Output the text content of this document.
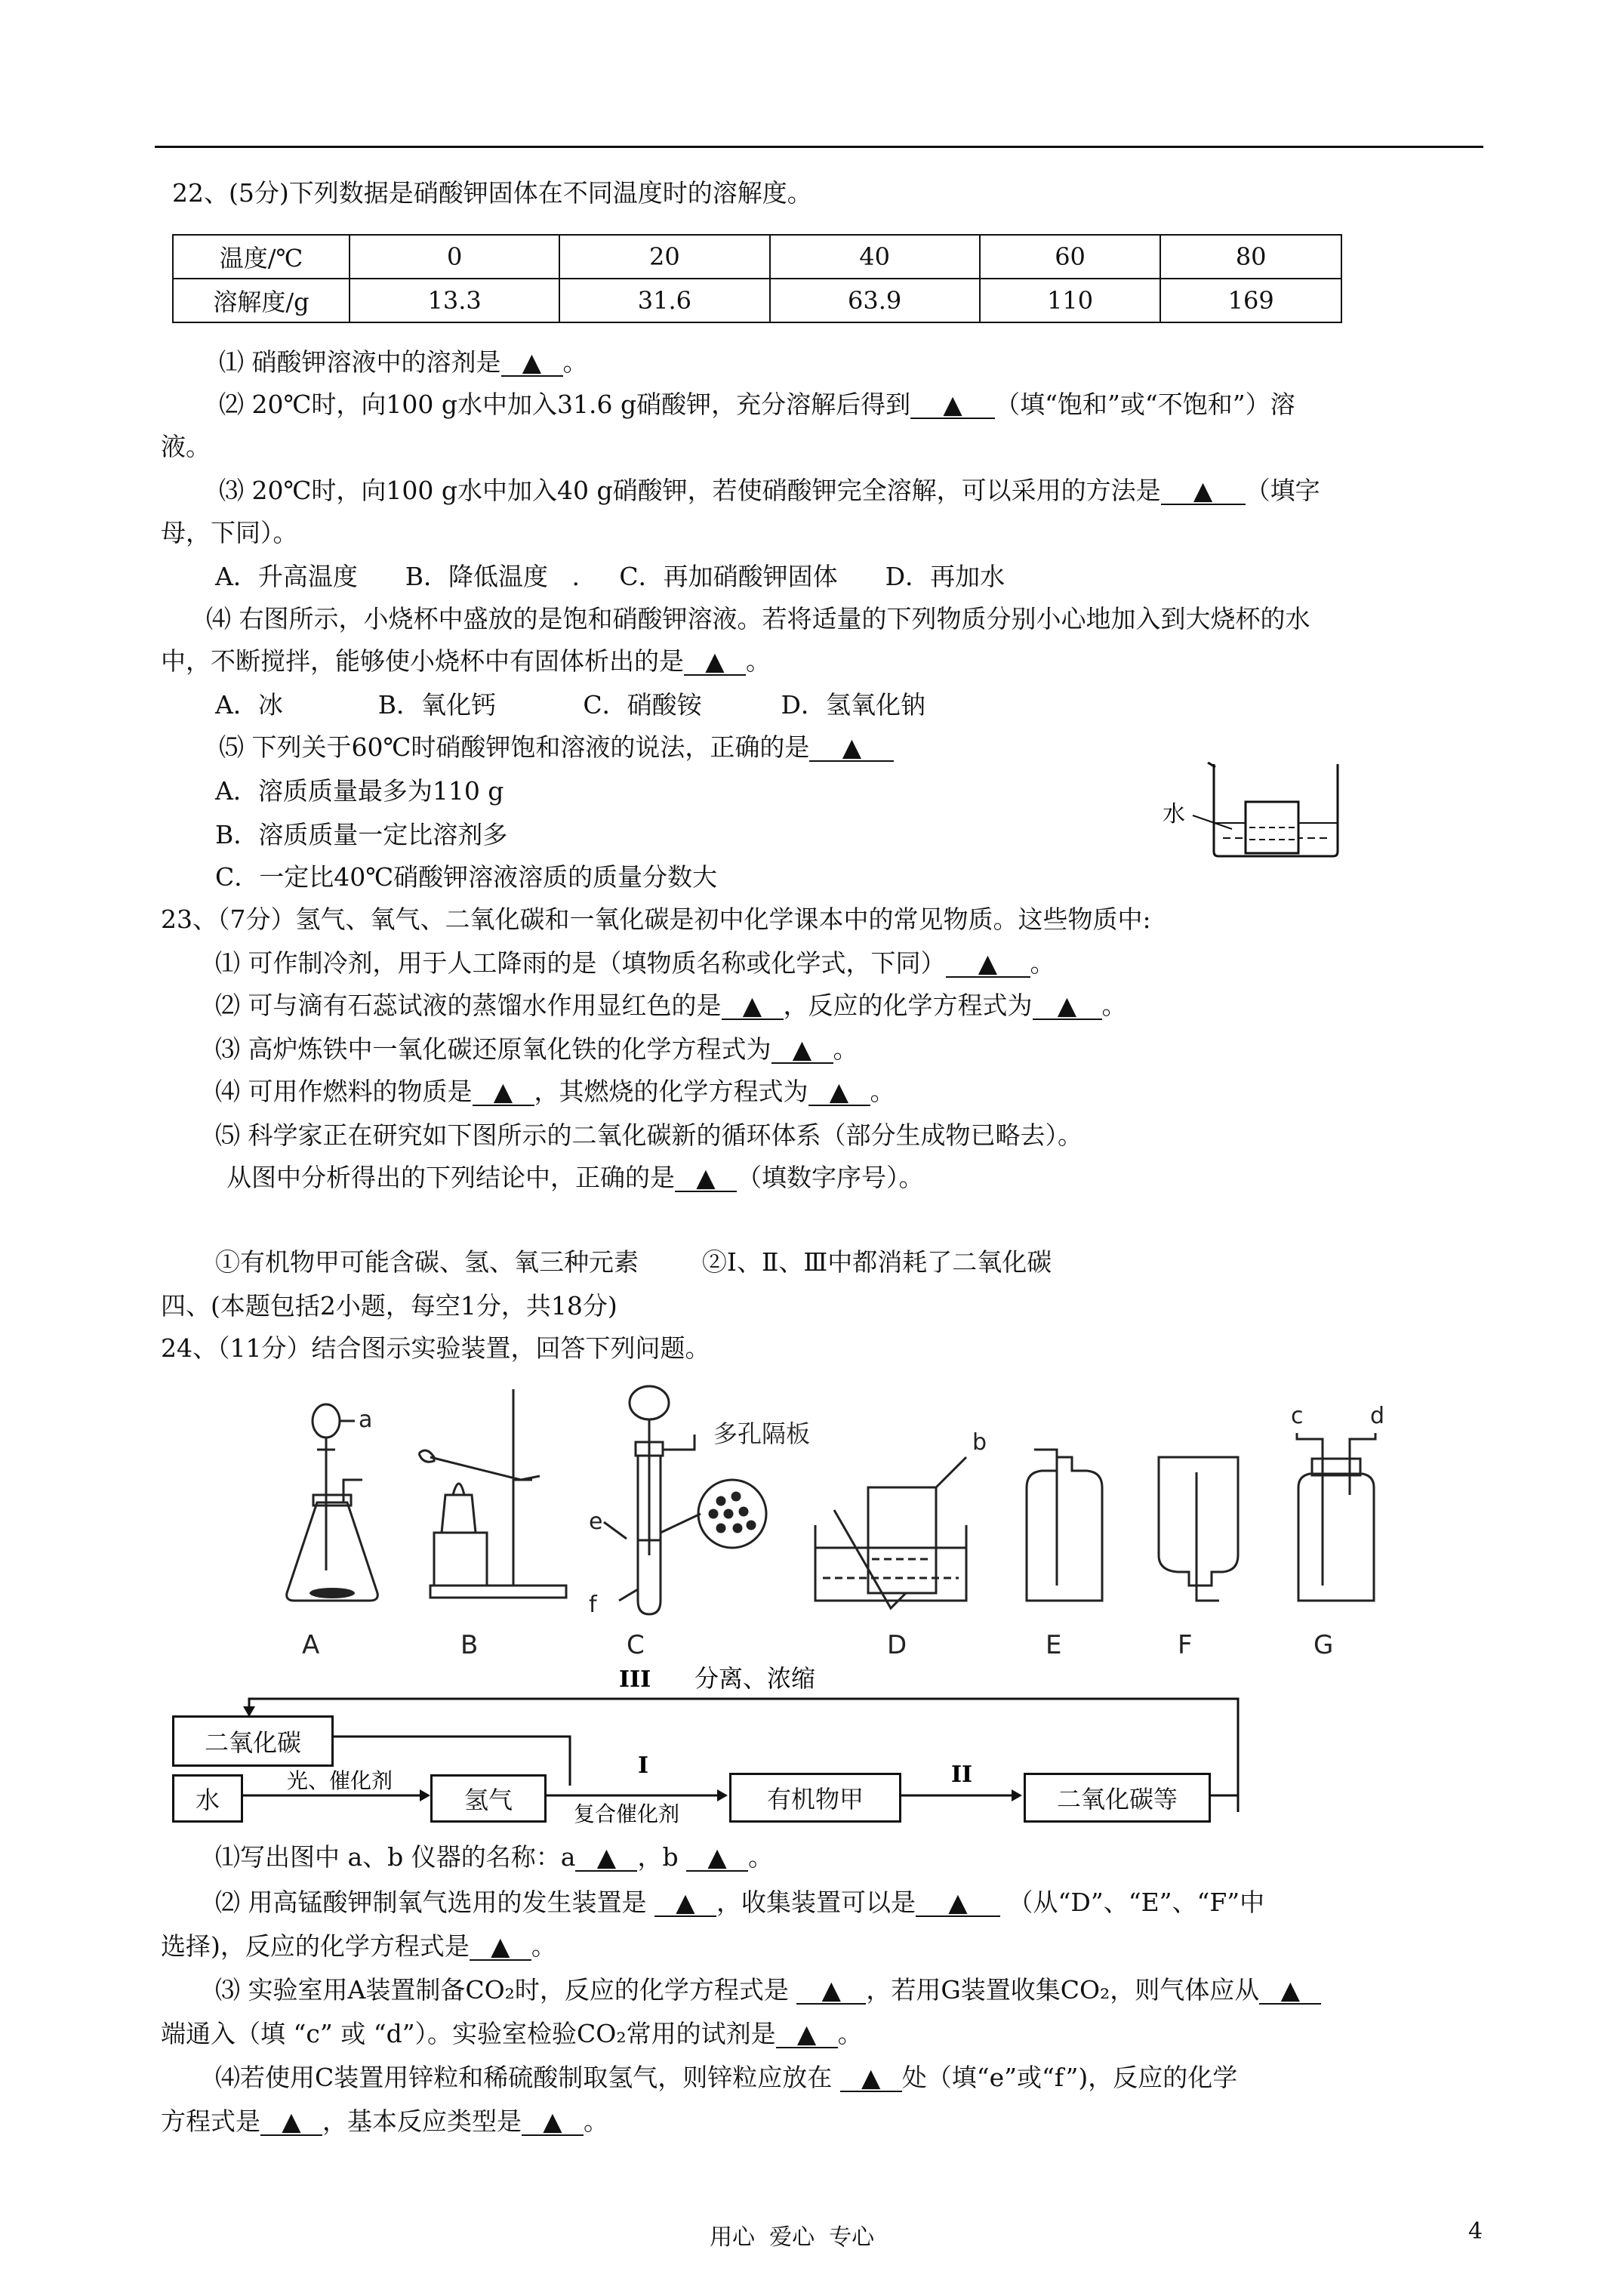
22、(5分)下列数据是硝酸钾固体在不同温度时的溶解度。
温度/℃	0	20	40	60	80
溶解度/g	13.3	31.6	63.9	110	169
⑴ 硝酸钾溶液中的溶剂是 ▲ 。
⑵ 20℃时，向100 g水中加入31.6 g硝酸钾，充分溶解后得到 ▲ （填“饱和”或“不饱和”）溶
液。
⑶ 20℃时，向100 g水中加入40 g硝酸钾，若使硝酸钾完全溶解，可以采用的方法是 ▲ （填字
母，下同）。
A．升高温度      B．降低温度   .     C．再加硝酸钾固体      D．再加水
⑷ 右图所示，小烧杯中盛放的是饱和硝酸钾溶液。若将适量的下列物质分别小心地加入到大烧杯的水
中，不断搅拌，能够使小烧杯中有固体析出的是 ▲ 。
A．冰            B．氧化钙           C．硝酸铵          D．氢氧化钠
⑸ 下列关于60℃时硝酸钾饱和溶液的说法，正确的是 ▲
A．溶质质量最多为110 g
B．溶质质量一定比溶剂多
C．一定比40℃硝酸钾溶液溶质的质量分数大
水
23、（7分）氢气、氧气、二氧化碳和一氧化碳是初中化学课本中的常见物质。这些物质中:
⑴ 可作制冷剂，用于人工降雨的是（填物质名称或化学式，下同） ▲ 。
⑵ 可与滴有石蕊试液的蒸馏水作用显红色的是 ▲ ，反应的化学方程式为 ▲ 。
⑶ 高炉炼铁中一氧化碳还原氧化铁的化学方程式为 ▲ 。
⑷ 可用作燃料的物质是 ▲ ，其燃烧的化学方程式为 ▲ 。
⑸ 科学家正在研究如下图所示的二氧化碳新的循环体系（部分生成物已略去）。
从图中分析得出的下列结论中，正确的是 ▲ （填数字序号）。
①有机物甲可能含碳、氢、氧三种元素        ②Ⅰ、Ⅱ、Ⅲ中都消耗了二氧化碳
四、(本题包括2小题，每空1分，共18分)
24、（11分）结合图示实验装置，回答下列问题。
a
b
c	d
e
f
多孔隔板
A	B	C	D	E	F	G
III 分离、浓缩
光、催化剂
I
复合催化剂
II
二氧化碳
水	氢气	有机物甲	二氧化碳等
⑴写出图中 a、b 仪器的名称：a ▲ ，b ▲ 。
⑵ 用高锰酸钾制氧气选用的发生装置是 ▲ ，收集装置可以是 ▲ （从“D”、“E”、“F”中
选择)，反应的化学方程式是 ▲ 。
⑶ 实验室用A装置制备CO₂时，反应的化学方程式是 ▲ ，若用G装置收集CO₂，则气体应从 ▲
端通入（填 “c” 或 “d”）。实验室检验CO₂常用的试剂是 ▲ 。
⑷若使用C装置用锌粒和稀硫酸制取氢气，则锌粒应放在 ▲ 处（填“e”或“f”)，反应的化学
方程式是 ▲ ，基本反应类型是 ▲ 。
用心  爱心  专心	4
